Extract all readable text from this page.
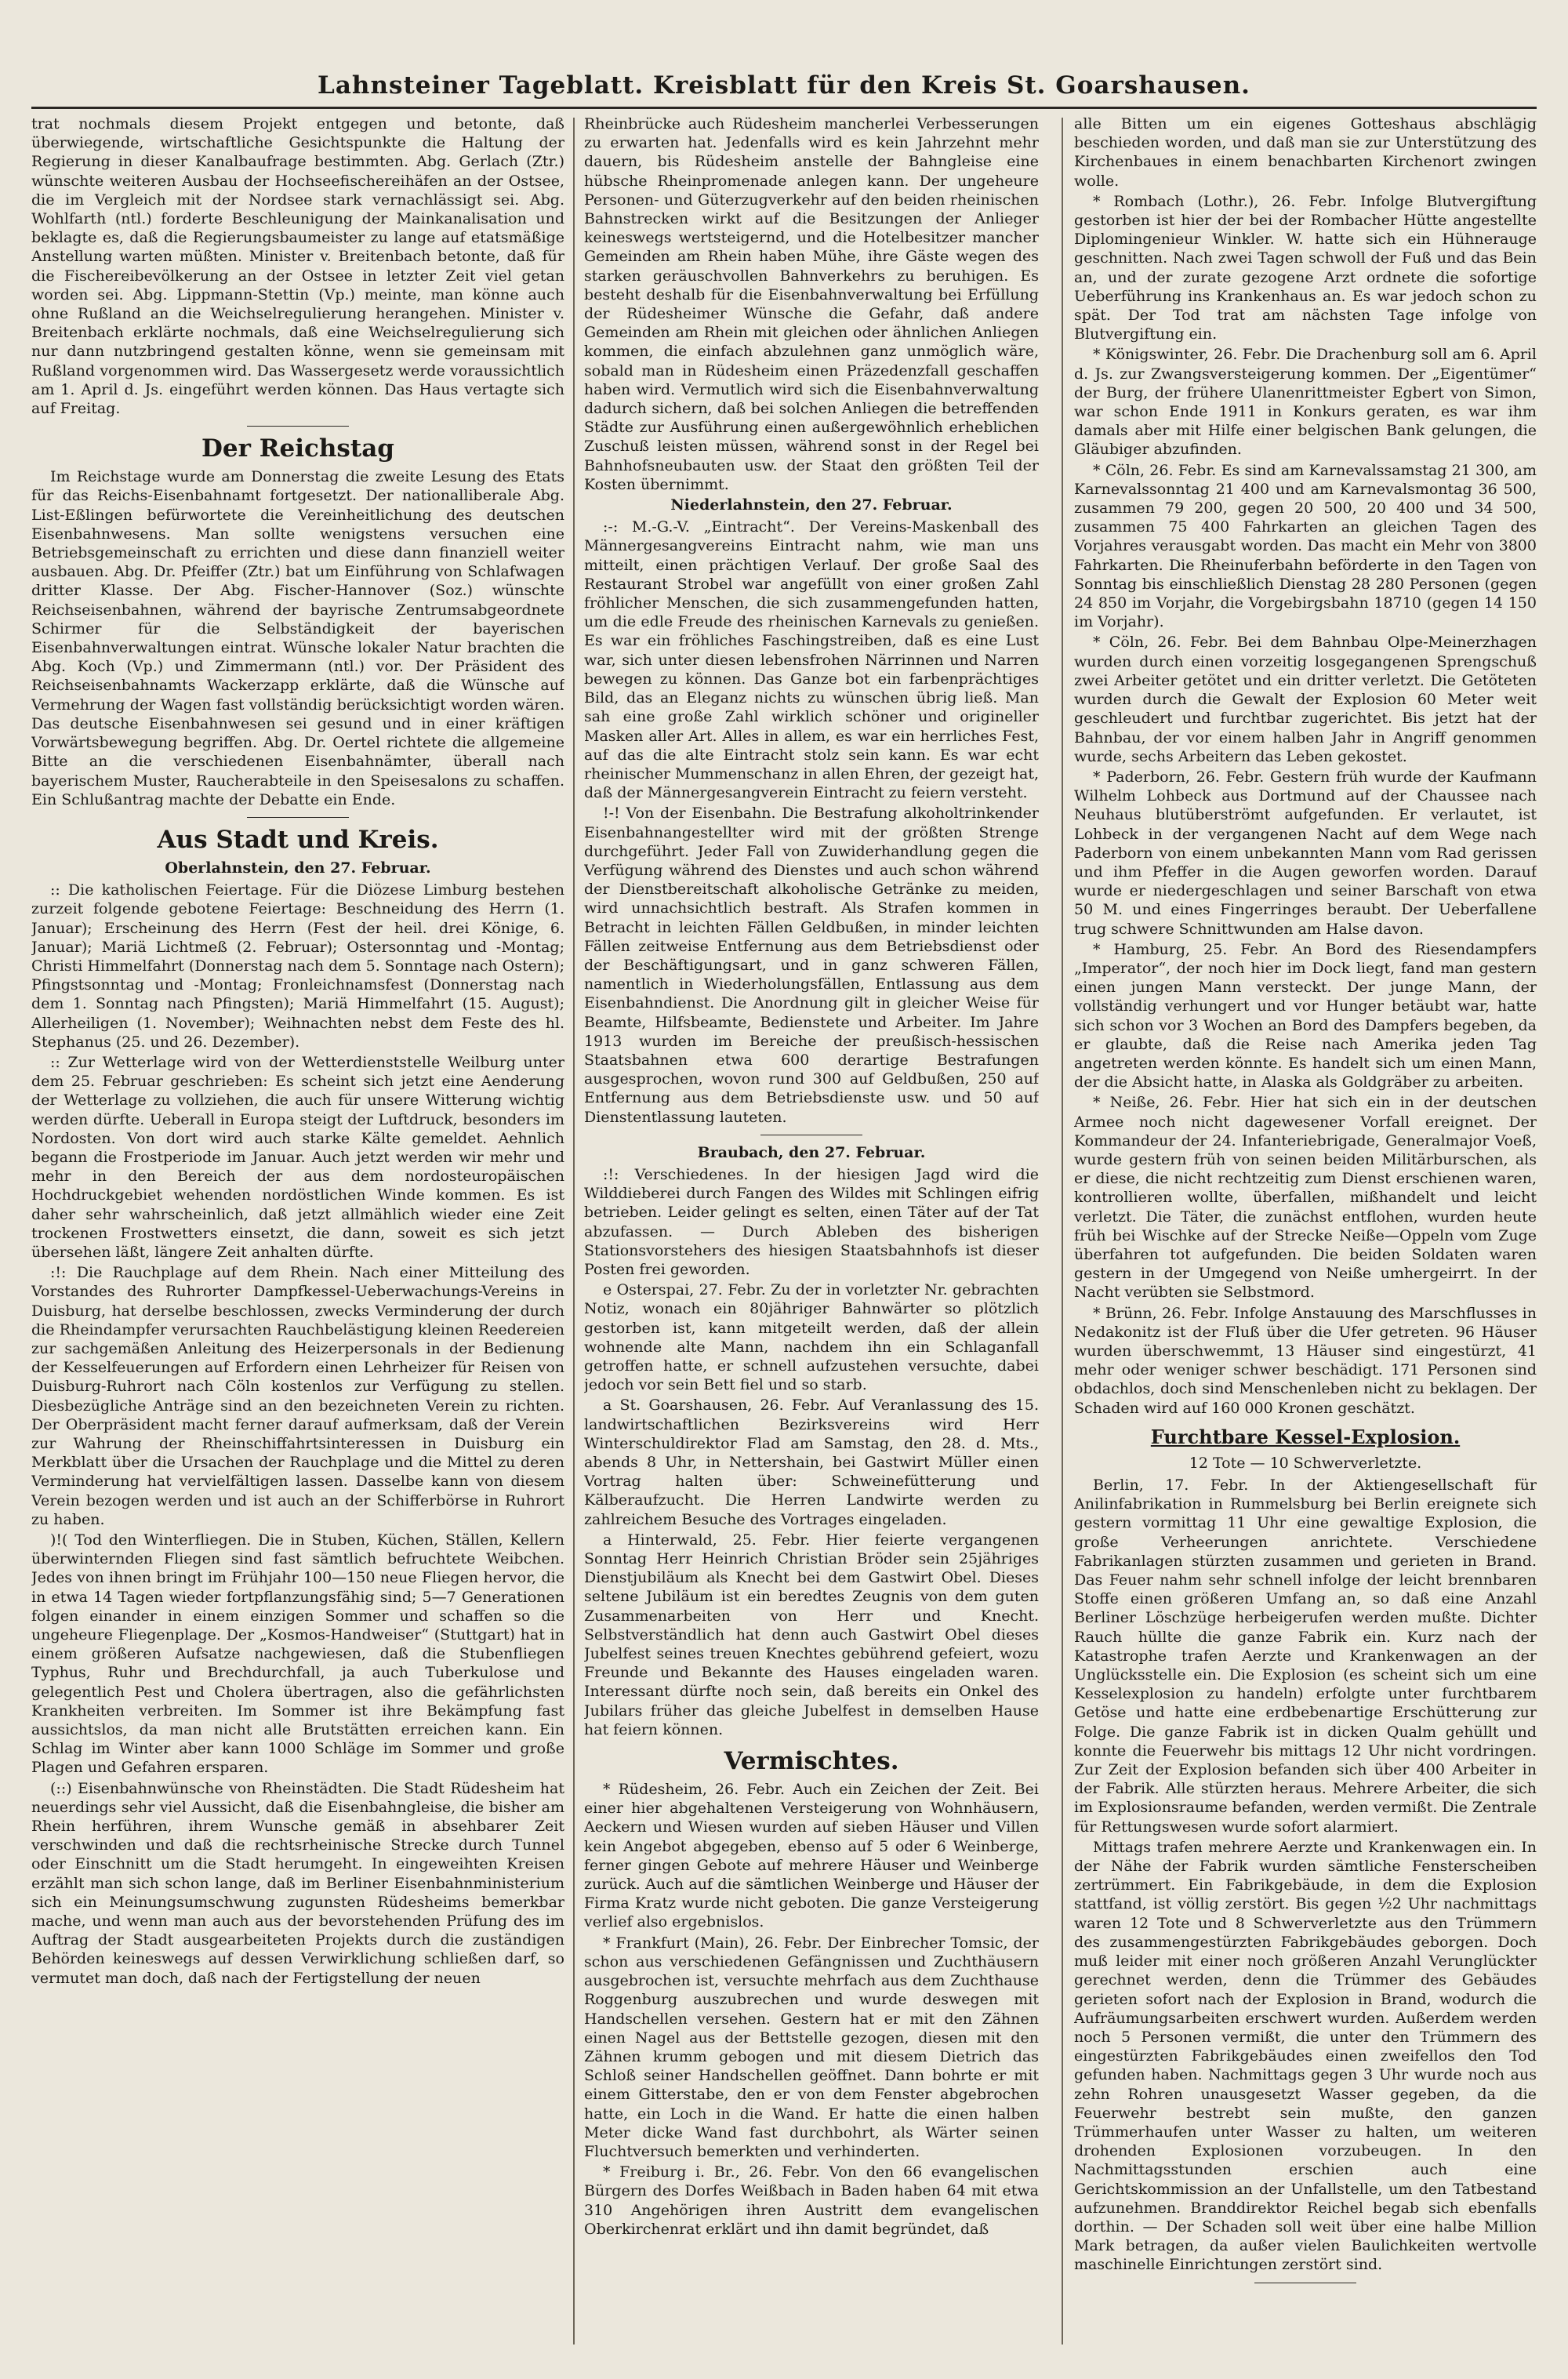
Lahnsteiner Tageblatt. Kreisblatt für den Kreis St. Goarshausen.

trat nochmals diesem Projekt entgegen und betonte, daß überwiegende, wirtschaftliche Gesichtspunkte die Haltung der Regierung in dieser Kanalbaufrage bestimmten. Abg. Gerlach (Ztr.) wünschte weiteren Ausbau der Hochseefischereihäfen an der Ostsee, die im Vergleich mit der Nordsee stark vernachlässigt sei. Abg. Wohlfarth (ntl.) forderte Beschleunigung der Mainkanalisation und beklagte es, daß die Regierungsbaumeister zu lange auf etatsmäßige Anstellung warten müßten. Minister v. Breitenbach betonte, daß für die Fischereibevölkerung an der Ostsee in letzter Zeit viel getan worden sei. Abg. Lippmann-Stettin (Vp.) meinte, man könne auch ohne Rußland an die Weichselregulierung herangehen. Minister v. Breitenbach erklärte nochmals, daß eine Weichselregulierung sich nur dann nutzbringend gestalten könne, wenn sie gemeinsam mit Rußland vorgenommen wird. Das Wassergesetz werde voraussichtlich am 1. April d. Js. eingeführt werden können. Das Haus vertagte sich auf Freitag.

Der Reichstag

Im Reichstage wurde am Donnerstag die zweite Lesung des Etats für das Reichs-Eisenbahnamt fortgesetzt. Der nationalliberale Abg. List-Eßlingen befürwortete die Vereinheitlichung des deutschen Eisenbahnwesens. Man sollte wenigstens versuchen eine Betriebsgemeinschaft zu errichten und diese dann finanziell weiter ausbauen. Abg. Dr. Pfeiffer (Ztr.) bat um Einführung von Schlafwagen dritter Klasse. Der Abg. Fischer-Hannover (Soz.) wünschte Reichseisenbahnen, während der bayrische Zentrumsabgeordnete Schirmer für die Selbständigkeit der bayerischen Eisenbahnverwaltungen eintrat. Wünsche lokaler Natur brachten die Abg. Koch (Vp.) und Zimmermann (ntl.) vor. Der Präsident des Reichseisenbahnamts Wackerzapp erklärte, daß die Wünsche auf Vermehrung der Wagen fast vollständig berücksichtigt worden wären. Das deutsche Eisenbahnwesen sei gesund und in einer kräftigen Vorwärtsbewegung begriffen. Abg. Dr. Oertel richtete die allgemeine Bitte an die verschiedenen Eisenbahnämter, überall nach bayerischem Muster, Raucherabteile in den Speisesalons zu schaffen. Ein Schlußantrag machte der Debatte ein Ende.

Aus Stadt und Kreis.
Oberlahnstein, den 27. Februar.

:: Die katholischen Feiertage. Für die Diözese Limburg bestehen zurzeit folgende gebotene Feiertage: Beschneidung des Herrn (1. Januar); Erscheinung des Herrn (Fest der heil. drei Könige, 6. Januar); Mariä Lichtmeß (2. Februar); Ostersonntag und -Montag; Christi Himmelfahrt (Donnerstag nach dem 5. Sonntage nach Ostern); Pfingstsonntag und -Montag; Fronleichnamsfest (Donnerstag nach dem 1. Sonntag nach Pfingsten); Mariä Himmelfahrt (15. August); Allerheiligen (1. November); Weihnachten nebst dem Feste des hl. Stephanus (25. und 26. Dezember).

:: Zur Wetterlage wird von der Wetterdienststelle Weilburg unter dem 25. Februar geschrieben: Es scheint sich jetzt eine Aenderung der Wetterlage zu vollziehen, die auch für unsere Witterung wichtig werden dürfte. Ueberall in Europa steigt der Luftdruck, besonders im Nordosten. Von dort wird auch starke Kälte gemeldet. Aehnlich begann die Frostperiode im Januar. Auch jetzt werden wir mehr und mehr in den Bereich der aus dem nordosteuropäischen Hochdruckgebiet wehenden nordöstlichen Winde kommen. Es ist daher sehr wahrscheinlich, daß jetzt allmählich wieder eine Zeit trockenen Frostwetters einsetzt, die dann, soweit es sich jetzt übersehen läßt, längere Zeit anhalten dürfte.

:!: Die Rauchplage auf dem Rhein. Nach einer Mitteilung des Vorstandes des Ruhrorter Dampfkessel-Ueberwachungs-Vereins in Duisburg, hat derselbe beschlossen, zwecks Verminderung der durch die Rheindampfer verursachten Rauchbelästigung kleinen Reedereien zur sachgemäßen Anleitung des Heizerpersonals in der Bedienung der Kesselfeuerungen auf Erfordern einen Lehrheizer für Reisen von Duisburg-Ruhrort nach Cöln kostenlos zur Verfügung zu stellen. Diesbezügliche Anträge sind an den bezeichneten Verein zu richten. Der Oberpräsident macht ferner darauf aufmerksam, daß der Verein zur Wahrung der Rheinschiffahrtsinteressen in Duisburg ein Merkblatt über die Ursachen der Rauchplage und die Mittel zu deren Verminderung hat vervielfältigen lassen. Dasselbe kann von diesem Verein bezogen werden und ist auch an der Schifferbörse in Ruhrort zu haben.

)!( Tod den Winterfliegen. Die in Stuben, Küchen, Ställen, Kellern überwinternden Fliegen sind fast sämtlich befruchtete Weibchen. Jedes von ihnen bringt im Frühjahr 100—150 neue Fliegen hervor, die in etwa 14 Tagen wieder fortpflanzungsfähig sind; 5—7 Generationen folgen einander in einem einzigen Sommer und schaffen so die ungeheure Fliegenplage. Der „Kosmos-Handweiser“ (Stuttgart) hat in einem größeren Aufsatze nachgewiesen, daß die Stubenfliegen Typhus, Ruhr und Brechdurchfall, ja auch Tuberkulose und gelegentlich Pest und Cholera übertragen, also die gefährlichsten Krankheiten verbreiten. Im Sommer ist ihre Bekämpfung fast aussichtslos, da man nicht alle Brutstätten erreichen kann. Ein Schlag im Winter aber kann 1000 Schläge im Sommer und große Plagen und Gefahren ersparen.

(::) Eisenbahnwünsche von Rheinstädten. Die Stadt Rüdesheim hat neuerdings sehr viel Aussicht, daß die Eisenbahngleise, die bisher am Rhein herführen, ihrem Wunsche gemäß in absehbarer Zeit verschwinden und daß die rechtsrheinische Strecke durch Tunnel oder Einschnitt um die Stadt herumgeht. In eingeweihten Kreisen erzählt man sich schon lange, daß im Berliner Eisenbahnministerium sich ein Meinungsumschwung zugunsten Rüdesheims bemerkbar mache, und wenn man auch aus der bevorstehenden Prüfung des im Auftrag der Stadt ausgearbeiteten Projekts durch die zuständigen Behörden keineswegs auf dessen Verwirklichung schließen darf, so vermutet man doch, daß nach der Fertigstellung der neuen

Rheinbrücke auch Rüdesheim mancherlei Verbesserungen zu erwarten hat. Jedenfalls wird es kein Jahrzehnt mehr dauern, bis Rüdesheim anstelle der Bahngleise eine hübsche Rheinpromenade anlegen kann. Der ungeheure Personen- und Güterzugverkehr auf den beiden rheinischen Bahnstrecken wirkt auf die Besitzungen der Anlieger keineswegs wertsteigernd, und die Hotelbesitzer mancher Gemeinden am Rhein haben Mühe, ihre Gäste wegen des starken geräuschvollen Bahnverkehrs zu beruhigen. Es besteht deshalb für die Eisenbahnverwaltung bei Erfüllung der Rüdesheimer Wünsche die Gefahr, daß andere Gemeinden am Rhein mit gleichen oder ähnlichen Anliegen kommen, die einfach abzulehnen ganz unmöglich wäre, sobald man in Rüdesheim einen Präzedenzfall geschaffen haben wird. Vermutlich wird sich die Eisenbahnverwaltung dadurch sichern, daß bei solchen Anliegen die betreffenden Städte zur Ausführung einen außergewöhnlich erheblichen Zuschuß leisten müssen, während sonst in der Regel bei Bahnhofsneubauten usw. der Staat den größten Teil der Kosten übernimmt.

Niederlahnstein, den 27. Februar.

:-: M.-G.-V. „Eintracht“. Der Vereins-Maskenball des Männergesangvereins Eintracht nahm, wie man uns mitteilt, einen prächtigen Verlauf. Der große Saal des Restaurant Strobel war angefüllt von einer großen Zahl fröhlicher Menschen, die sich zusammengefunden hatten, um die edle Freude des rheinischen Karnevals zu genießen. Es war ein fröhliches Faschingstreiben, daß es eine Lust war, sich unter diesen lebensfrohen Närrinnen und Narren bewegen zu können. Das Ganze bot ein farbenprächtiges Bild, das an Eleganz nichts zu wünschen übrig ließ. Man sah eine große Zahl wirklich schöner und origineller Masken aller Art. Alles in allem, es war ein herrliches Fest, auf das die alte Eintracht stolz sein kann. Es war echt rheinischer Mummenschanz in allen Ehren, der gezeigt hat, daß der Männergesangverein Eintracht zu feiern versteht.

!-! Von der Eisenbahn. Die Bestrafung alkoholtrinkender Eisenbahnangestellter wird mit der größten Strenge durchgeführt. Jeder Fall von Zuwiderhandlung gegen die Verfügung während des Dienstes und auch schon während der Dienstbereitschaft alkoholische Getränke zu meiden, wird unnachsichtlich bestraft. Als Strafen kommen in Betracht in leichten Fällen Geldbußen, in minder leichten Fällen zeitweise Entfernung aus dem Betriebsdienst oder der Beschäftigungsart, und in ganz schweren Fällen, namentlich in Wiederholungsfällen, Entlassung aus dem Eisenbahndienst. Die Anordnung gilt in gleicher Weise für Beamte, Hilfsbeamte, Bedienstete und Arbeiter. Im Jahre 1913 wurden im Bereiche der preußisch-hessischen Staatsbahnen etwa 600 derartige Bestrafungen ausgesprochen, wovon rund 300 auf Geldbußen, 250 auf Entfernung aus dem Betriebsdienste usw. und 50 auf Dienstentlassung lauteten.

Braubach, den 27. Februar.

:!: Verschiedenes. In der hiesigen Jagd wird die Wilddieberei durch Fangen des Wildes mit Schlingen eifrig betrieben. Leider gelingt es selten, einen Täter auf der Tat abzufassen. — Durch Ableben des bisherigen Stationsvorstehers des hiesigen Staatsbahnhofs ist dieser Posten frei geworden.

e Osterspai, 27. Febr. Zu der in vorletzter Nr. gebrachten Notiz, wonach ein 80jähriger Bahnwärter so plötzlich gestorben ist, kann mitgeteilt werden, daß der allein wohnende alte Mann, nachdem ihn ein Schlaganfall getroffen hatte, er schnell aufzustehen versuchte, dabei jedoch vor sein Bett fiel und so starb.

a St. Goarshausen, 26. Febr. Auf Veranlassung des 15. landwirtschaftlichen Bezirksvereins wird Herr Winterschuldirektor Flad am Samstag, den 28. d. Mts., abends 8 Uhr, in Nettershain, bei Gastwirt Müller einen Vortrag halten über: Schweinefütterung und Kälberaufzucht. Die Herren Landwirte werden zu zahlreichem Besuche des Vortrages eingeladen.

a Hinterwald, 25. Febr. Hier feierte vergangenen Sonntag Herr Heinrich Christian Bröder sein 25jähriges Dienstjubiläum als Knecht bei dem Gastwirt Obel. Dieses seltene Jubiläum ist ein beredtes Zeugnis von dem guten Zusammenarbeiten von Herr und Knecht. Selbstverständlich hat denn auch Gastwirt Obel dieses Jubelfest seines treuen Knechtes gebührend gefeiert, wozu Freunde und Bekannte des Hauses eingeladen waren. Interessant dürfte noch sein, daß bereits ein Onkel des Jubilars früher das gleiche Jubelfest in demselben Hause hat feiern können.

Vermischtes.

* Rüdesheim, 26. Febr. Auch ein Zeichen der Zeit. Bei einer hier abgehaltenen Versteigerung von Wohnhäusern, Aeckern und Wiesen wurden auf sieben Häuser und Villen kein Angebot abgegeben, ebenso auf 5 oder 6 Weinberge, ferner gingen Gebote auf mehrere Häuser und Weinberge zurück. Auch auf die sämtlichen Weinberge und Häuser der Firma Kratz wurde nicht geboten. Die ganze Versteigerung verlief also ergebnislos.

* Frankfurt (Main), 26. Febr. Der Einbrecher Tomsic, der schon aus verschiedenen Gefängnissen und Zuchthäusern ausgebrochen ist, versuchte mehrfach aus dem Zuchthause Roggenburg auszubrechen und wurde deswegen mit Handschellen versehen. Gestern hat er mit den Zähnen einen Nagel aus der Bettstelle gezogen, diesen mit den Zähnen krumm gebogen und mit diesem Dietrich das Schloß seiner Handschellen geöffnet. Dann bohrte er mit einem Gitterstabe, den er von dem Fenster abgebrochen hatte, ein Loch in die Wand. Er hatte die einen halben Meter dicke Wand fast durchbohrt, als Wärter seinen Fluchtversuch bemerkten und verhinderten.

* Freiburg i. Br., 26. Febr. Von den 66 evangelischen Bürgern des Dorfes Weißbach in Baden haben 64 mit etwa 310 Angehörigen ihren Austritt dem evangelischen Oberkirchenrat erklärt und ihn damit begründet, daß

alle Bitten um ein eigenes Gotteshaus abschlägig beschieden worden, und daß man sie zur Unterstützung des Kirchenbaues in einem benachbarten Kirchenort zwingen wolle.

* Rombach (Lothr.), 26. Febr. Infolge Blutvergiftung gestorben ist hier der bei der Rombacher Hütte angestellte Diplomingenieur Winkler. W. hatte sich ein Hühnerauge geschnitten. Nach zwei Tagen schwoll der Fuß und das Bein an, und der zurate gezogene Arzt ordnete die sofortige Ueberführung ins Krankenhaus an. Es war jedoch schon zu spät. Der Tod trat am nächsten Tage infolge von Blutvergiftung ein.

* Königswinter, 26. Febr. Die Drachenburg soll am 6. April d. Js. zur Zwangsversteigerung kommen. Der „Eigentümer“ der Burg, der frühere Ulanenrittmeister Egbert von Simon, war schon Ende 1911 in Konkurs geraten, es war ihm damals aber mit Hilfe einer belgischen Bank gelungen, die Gläubiger abzufinden.

* Cöln, 26. Febr. Es sind am Karnevalssamstag 21 300, am Karnevalssonntag 21 400 und am Karnevalsmontag 36 500, zusammen 79 200, gegen 20 500, 20 400 und 34 500, zusammen 75 400 Fahrkarten an gleichen Tagen des Vorjahres verausgabt worden. Das macht ein Mehr von 3800 Fahrkarten. Die Rheinuferbahn beförderte in den Tagen von Sonntag bis einschließlich Dienstag 28 280 Personen (gegen 24 850 im Vorjahr, die Vorgebirgsbahn 18710 (gegen 14 150 im Vorjahr).

* Cöln, 26. Febr. Bei dem Bahnbau Olpe-Meinerzhagen wurden durch einen vorzeitig losgegangenen Sprengschuß zwei Arbeiter getötet und ein dritter verletzt. Die Getöteten wurden durch die Gewalt der Explosion 60 Meter weit geschleudert und furchtbar zugerichtet. Bis jetzt hat der Bahnbau, der vor einem halben Jahr in Angriff genommen wurde, sechs Arbeitern das Leben gekostet.

* Paderborn, 26. Febr. Gestern früh wurde der Kaufmann Wilhelm Lohbeck aus Dortmund auf der Chaussee nach Neuhaus blutüberströmt aufgefunden. Er verlautet, ist Lohbeck in der vergangenen Nacht auf dem Wege nach Paderborn von einem unbekannten Mann vom Rad gerissen und ihm Pfeffer in die Augen geworfen worden. Darauf wurde er niedergeschlagen und seiner Barschaft von etwa 50 M. und eines Fingerringes beraubt. Der Ueberfallene trug schwere Schnittwunden am Halse davon.

* Hamburg, 25. Febr. An Bord des Riesendampfers „Imperator“, der noch hier im Dock liegt, fand man gestern einen jungen Mann versteckt. Der junge Mann, der vollständig verhungert und vor Hunger betäubt war, hatte sich schon vor 3 Wochen an Bord des Dampfers begeben, da er glaubte, daß die Reise nach Amerika jeden Tag angetreten werden könnte. Es handelt sich um einen Mann, der die Absicht hatte, in Alaska als Goldgräber zu arbeiten.

* Neiße, 26. Febr. Hier hat sich ein in der deutschen Armee noch nicht dagewesener Vorfall ereignet. Der Kommandeur der 24. Infanteriebrigade, Generalmajor Voeß, wurde gestern früh von seinen beiden Militärburschen, als er diese, die nicht rechtzeitig zum Dienst erschienen waren, kontrollieren wollte, überfallen, mißhandelt und leicht verletzt. Die Täter, die zunächst entflohen, wurden heute früh bei Wischke auf der Strecke Neiße—Oppeln vom Zuge überfahren tot aufgefunden. Die beiden Soldaten waren gestern in der Umgegend von Neiße umhergeirrt. In der Nacht verübten sie Selbstmord.

* Brünn, 26. Febr. Infolge Anstauung des Marschflusses in Nedakonitz ist der Fluß über die Ufer getreten. 96 Häuser wurden überschwemmt, 13 Häuser sind eingestürzt, 41 mehr oder weniger schwer beschädigt. 171 Personen sind obdachlos, doch sind Menschenleben nicht zu beklagen. Der Schaden wird auf 160 000 Kronen geschätzt.

Furchtbare Kessel-Explosion.
12 Tote — 10 Schwerverletzte.

Berlin, 17. Febr. In der Aktiengesellschaft für Anilinfabrikation in Rummelsburg bei Berlin ereignete sich gestern vormittag 11 Uhr eine gewaltige Explosion, die große Verheerungen anrichtete. Verschiedene Fabrikanlagen stürzten zusammen und gerieten in Brand. Das Feuer nahm sehr schnell infolge der leicht brennbaren Stoffe einen größeren Umfang an, so daß eine Anzahl Berliner Löschzüge herbeigerufen werden mußte. Dichter Rauch hüllte die ganze Fabrik ein. Kurz nach der Katastrophe trafen Aerzte und Krankenwagen an der Unglücksstelle ein. Die Explosion (es scheint sich um eine Kesselexplosion zu handeln) erfolgte unter furchtbarem Getöse und hatte eine erdbebenartige Erschütterung zur Folge. Die ganze Fabrik ist in dicken Qualm gehüllt und konnte die Feuerwehr bis mittags 12 Uhr nicht vordringen. Zur Zeit der Explosion befanden sich über 400 Arbeiter in der Fabrik. Alle stürzten heraus. Mehrere Arbeiter, die sich im Explosionsraume befanden, werden vermißt. Die Zentrale für Rettungswesen wurde sofort alarmiert.

Mittags trafen mehrere Aerzte und Krankenwagen ein. In der Nähe der Fabrik wurden sämtliche Fensterscheiben zertrümmert. Ein Fabrikgebäude, in dem die Explosion stattfand, ist völlig zerstört. Bis gegen ½2 Uhr nachmittags waren 12 Tote und 8 Schwerverletzte aus den Trümmern des zusammengestürzten Fabrikgebäudes geborgen. Doch muß leider mit einer noch größeren Anzahl Verunglückter gerechnet werden, denn die Trümmer des Gebäudes gerieten sofort nach der Explosion in Brand, wodurch die Aufräumungsarbeiten erschwert wurden. Außerdem werden noch 5 Personen vermißt, die unter den Trümmern des eingestürzten Fabrikgebäudes einen zweifellos den Tod gefunden haben. Nachmittags gegen 3 Uhr wurde noch aus zehn Rohren unausgesetzt Wasser gegeben, da die Feuerwehr bestrebt sein mußte, den ganzen Trümmerhaufen unter Wasser zu halten, um weiteren drohenden Explosionen vorzubeugen. In den Nachmittagsstunden erschien auch eine Gerichtskommission an der Unfallstelle, um den Tatbestand aufzunehmen. Branddirektor Reichel begab sich ebenfalls dorthin. — Der Schaden soll weit über eine halbe Million Mark betragen, da außer vielen Baulichkeiten wertvolle maschinelle Einrichtungen zerstört sind.
